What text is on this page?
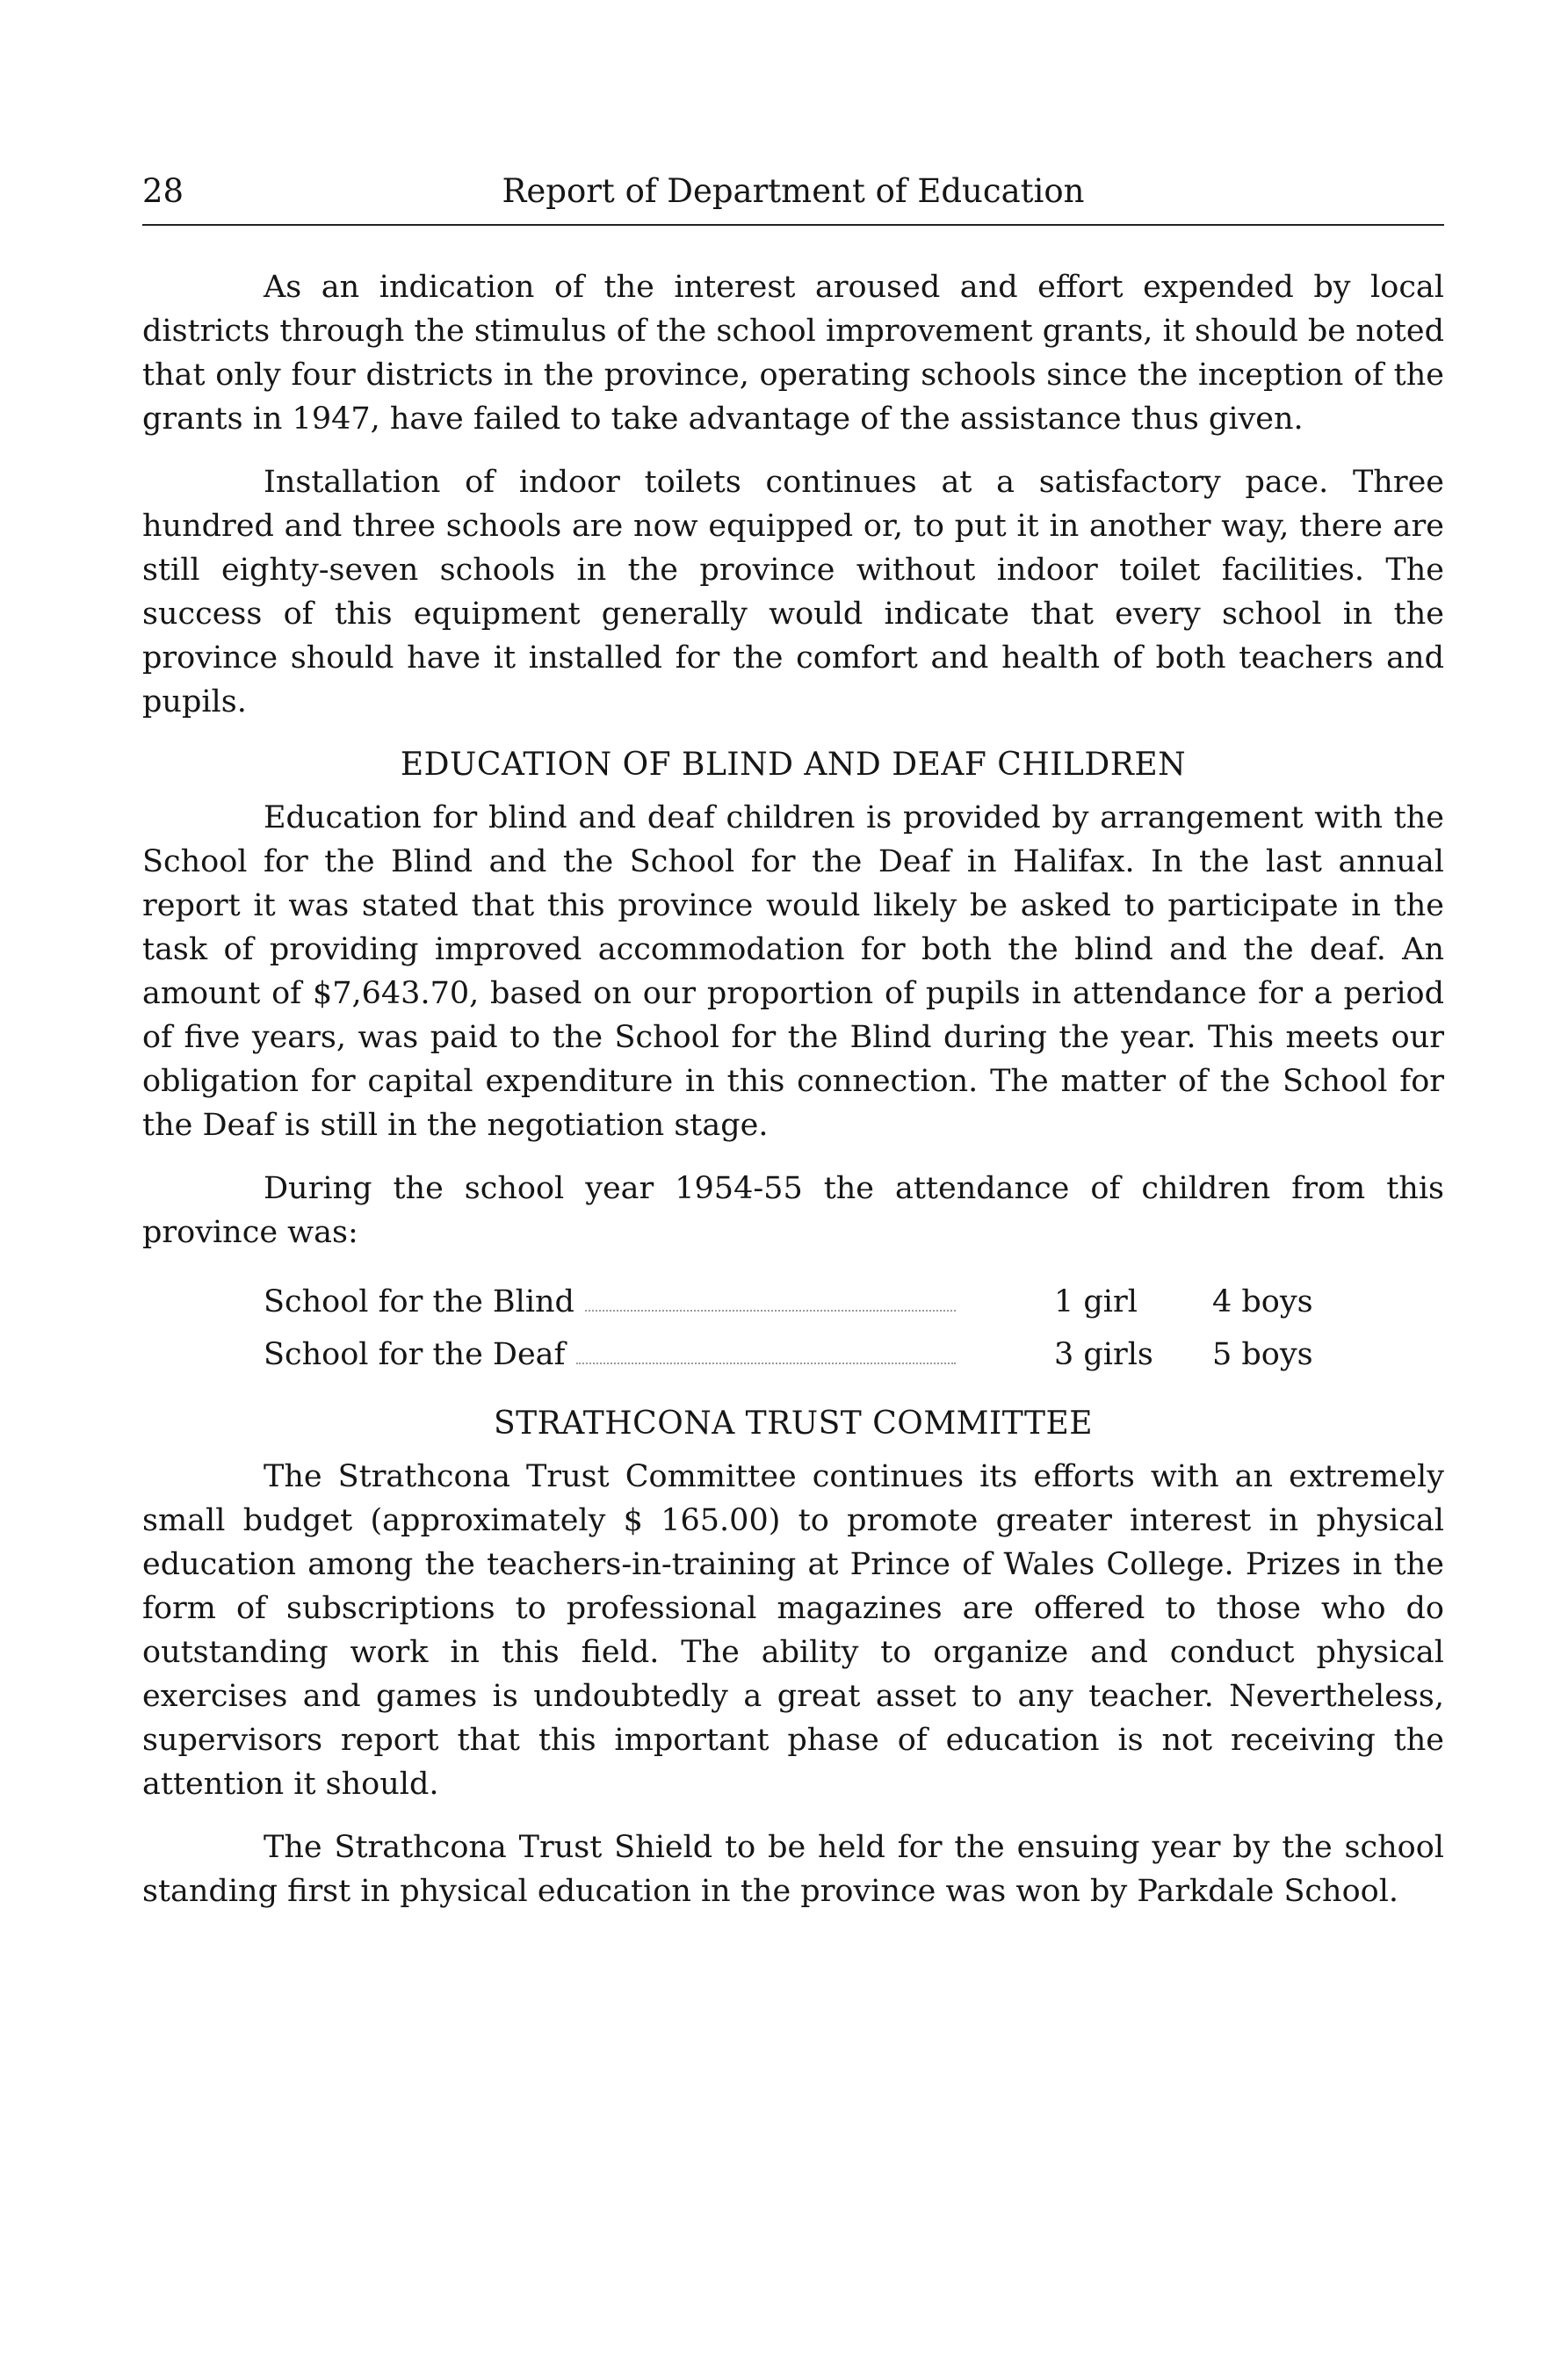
Report of Department of Education
28

As an indication of the interest aroused and effort expended by local districts through the stimulus of the school improvement grants, it should be noted that only four districts in the province, operating schools since the inception of the grants in 1947, have failed to take advantage of the assistance thus given.

Installation of indoor toilets continues at a satisfactory pace. Three hundred and three schools are now equipped or, to put it in another way, there are still eighty-seven schools in the province without indoor toilet facilities. The success of this equipment generally would indicate that every school in the province should have it installed for the comfort and health of both teachers and pupils.

EDUCATION OF BLIND AND DEAF CHILDREN

Education for blind and deaf children is provided by arrangement with the School for the Blind and the School for the Deaf in Halifax. In the last annual report it was stated that this province would likely be asked to participate in the task of providing improved accommodation for both the blind and the deaf. An amount of $7,643.70, based on our proportion of pupils in attendance for a period of five years, was paid to the School for the Blind during the year. This meets our obligation for capital expenditure in this connection. The matter of the School for the Deaf is still in the negotiation stage.

During the school year 1954-55 the attendance of children from this province was:

School for the Blind	1 girl	4 boys

School for the Deaf	3 girls	5 boys
STRATHCONA TRUST COMMITTEE

The Strathcona Trust Committee continues its efforts with an extremely small budget (approximately $ 165.00) to promote greater interest in physical education among the teachers-in-training at Prince of Wales College. Prizes in the form of subscriptions to professional magazines are offered to those who do outstanding work in this field. The ability to organize and conduct physical exercises and games is undoubtedly a great asset to any teacher. Nevertheless, supervisors report that this important phase of education is not receiving the attention it should.

The Strathcona Trust Shield to be held for the ensuing year by the school standing first in physical education in the province was won by Parkdale School.
